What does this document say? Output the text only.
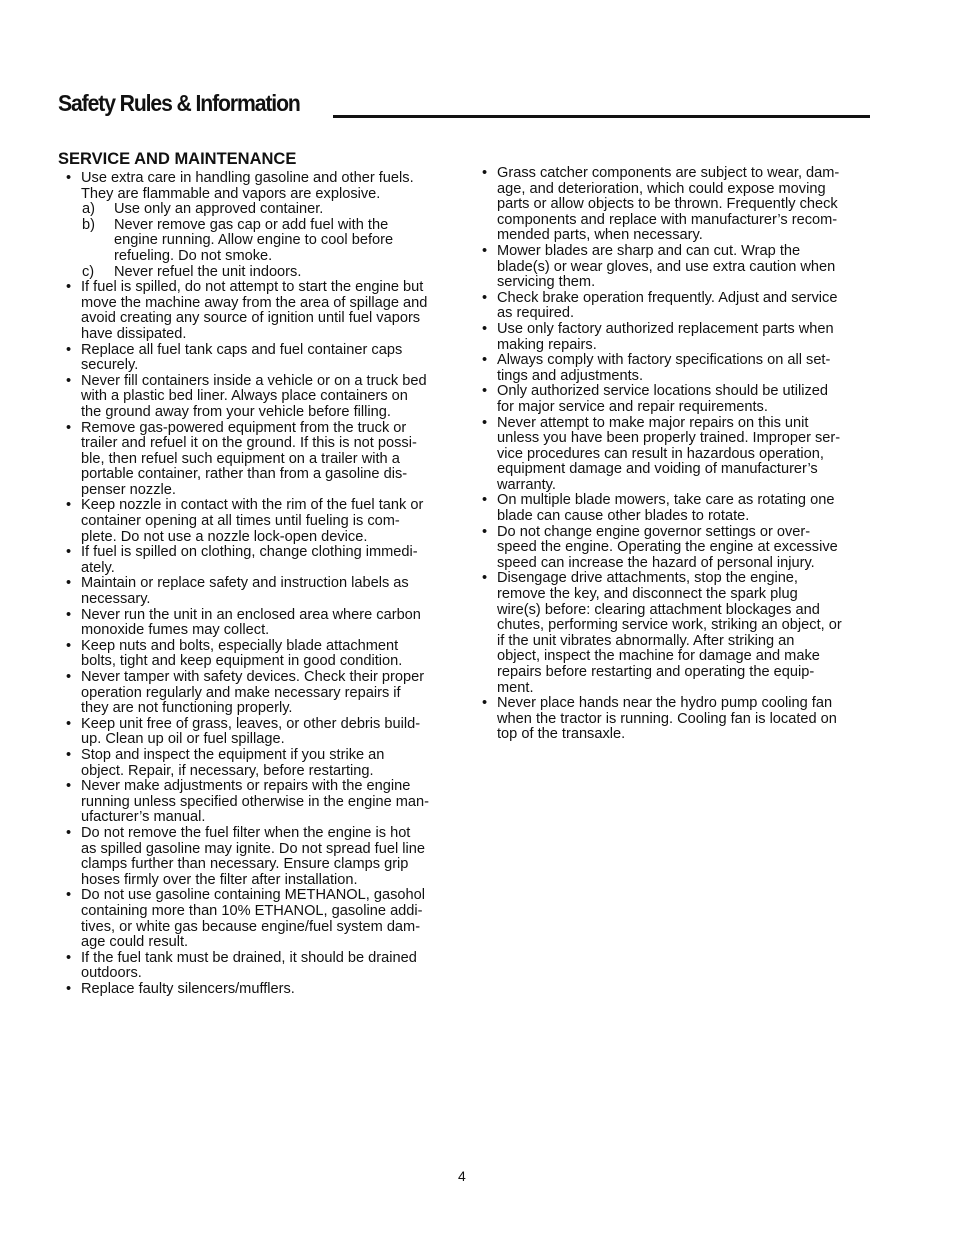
Safety Rules & Information
SERVICE AND MAINTENANCE
• Use extra care in handling gasoline and other fuels.
They are flammable and vapors are explosive.
a) Use only an approved container.
b) Never remove gas cap or add fuel with the
engine running. Allow engine to cool before
refueling. Do not smoke.
c) Never refuel the unit indoors.
• If fuel is spilled, do not attempt to start the engine but
move the machine away from the area of spillage and
avoid creating any source of ignition until fuel vapors
have dissipated.
• Replace all fuel tank caps and fuel container caps
securely.
• Never fill containers inside a vehicle or on a truck bed
with a plastic bed liner. Always place containers on
the ground away from your vehicle before filling.
• Remove gas-powered equipment from the truck or
trailer and refuel it on the ground. If this is not possi-
ble, then refuel such equipment on a trailer with a
portable container, rather than from a gasoline dis-
penser nozzle.
• Keep nozzle in contact with the rim of the fuel tank or
container opening at all times until fueling is com-
plete. Do not use a nozzle lock-open device.
• If fuel is spilled on clothing, change clothing immedi-
ately.
• Maintain or replace safety and instruction labels as
necessary.
• Never run the unit in an enclosed area where carbon
monoxide fumes may collect.
• Keep nuts and bolts, especially blade attachment
bolts, tight and keep equipment in good condition.
• Never tamper with safety devices. Check their proper
operation regularly and make necessary repairs if
they are not functioning properly.
• Keep unit free of grass, leaves, or other debris build-
up. Clean up oil or fuel spillage.
• Stop and inspect the equipment if you strike an
object. Repair, if necessary, before restarting.
• Never make adjustments or repairs with the engine
running unless specified otherwise in the engine man-
ufacturer’s manual.
• Do not remove the fuel filter when the engine is hot
as spilled gasoline may ignite. Do not spread fuel line
clamps further than necessary. Ensure clamps grip
hoses firmly over the filter after installation.
• Do not use gasoline containing METHANOL, gasohol
containing more than 10% ETHANOL, gasoline addi-
tives, or white gas because engine/fuel system dam-
age could result.
• If the fuel tank must be drained, it should be drained
outdoors.
• Replace faulty silencers/mufflers.
• Grass catcher components are subject to wear, dam-
age, and deterioration, which could expose moving
parts or allow objects to be thrown. Frequently check
components and replace with manufacturer’s recom-
mended parts, when necessary.
• Mower blades are sharp and can cut. Wrap the
blade(s) or wear gloves, and use extra caution when
servicing them.
• Check brake operation frequently. Adjust and service
as required.
• Use only factory authorized replacement parts when
making repairs.
• Always comply with factory specifications on all set-
tings and adjustments.
• Only authorized service locations should be utilized
for major service and repair requirements.
• Never attempt to make major repairs on this unit
unless you have been properly trained. Improper ser-
vice procedures can result in hazardous operation,
equipment damage and voiding of manufacturer’s
warranty.
• On multiple blade mowers, take care as rotating one
blade can cause other blades to rotate.
• Do not change engine governor settings or over-
speed the engine. Operating the engine at excessive
speed can increase the hazard of personal injury.
• Disengage drive attachments, stop the engine,
remove the key, and disconnect the spark plug
wire(s) before: clearing attachment blockages and
chutes, performing service work, striking an object, or
if the unit vibrates abnormally. After striking an
object, inspect the machine for damage and make
repairs before restarting and operating the equip-
ment.
• Never place hands near the hydro pump cooling fan
when the tractor is running. Cooling fan is located on
top of the transaxle.
4
